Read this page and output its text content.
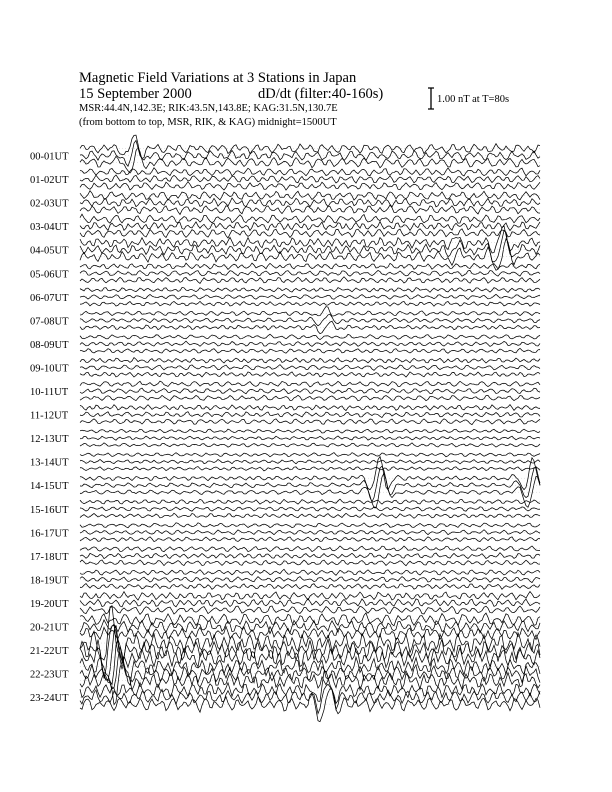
Magnetic Field Variations at 3 Stations in Japan
15 September 2000	dD/dt (filter:40-160s)
MSR:44.4N,142.3E; RIK:43.5N,143.8E; KAG:31.5N,130.7E
(from bottom to top, MSR, RIK, & KAG) midnight=1500UT
1.00 nT at T=80s
00-01UT
01-02UT
02-03UT
03-04UT
04-05UT
05-06UT
06-07UT
07-08UT
08-09UT
09-10UT
10-11UT
11-12UT
12-13UT
13-14UT
14-15UT
15-16UT
16-17UT
17-18UT
18-19UT
19-20UT
20-21UT
21-22UT
22-23UT
23-24UT
